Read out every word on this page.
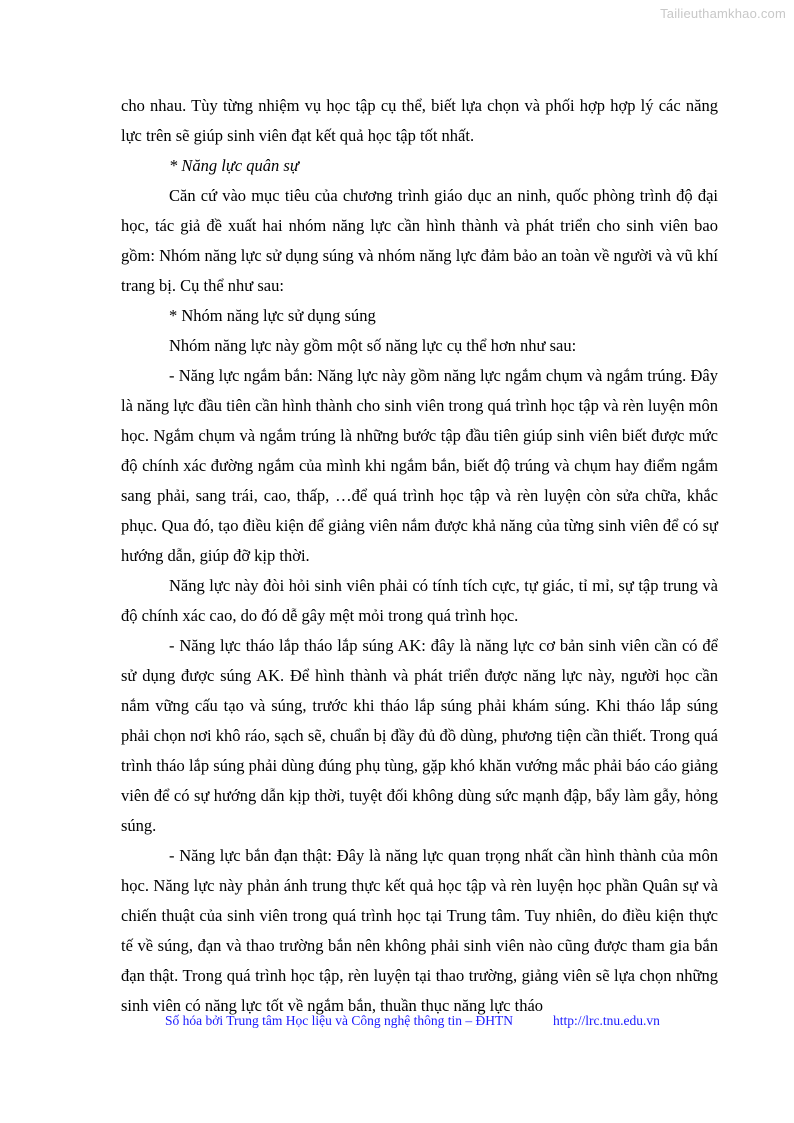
Tailieuthamkhao.com

cho nhau. Tùy từng nhiệm vụ học tập cụ thể, biết lựa chọn và phối hợp hợp lý các năng lực trên sẽ giúp sinh viên đạt kết quả học tập tốt nhất.

* Năng lực quân sự

Căn cứ vào mục tiêu của chương trình giáo dục an ninh, quốc phòng trình độ đại học, tác giả đề xuất hai nhóm năng lực cần hình thành và phát triển cho sinh viên bao gồm: Nhóm năng lực sử dụng súng và nhóm năng lực đảm bảo an toàn về người và vũ khí trang bị. Cụ thể như sau:

* Nhóm năng lực sử dụng súng

Nhóm năng lực này gồm một số năng lực cụ thể hơn như sau:

- Năng lực ngắm bắn: Năng lực này gồm năng lực ngắm chụm và ngắm trúng. Đây là năng lực đầu tiên cần hình thành cho sinh viên trong quá trình học tập và rèn luyện môn học. Ngắm chụm và ngắm trúng là những bước tập đầu tiên giúp sinh viên biết được mức độ chính xác đường ngắm của mình khi ngắm bắn, biết độ trúng và chụm hay điểm ngắm sang phải, sang trái, cao, thấp, …để quá trình học tập và rèn luyện còn sửa chữa, khắc phục. Qua đó, tạo điều kiện để giảng viên nắm được khả năng của từng sinh viên để có sự hướng dẫn, giúp đỡ kịp thời.

Năng lực này đòi hỏi sinh viên phải có tính tích cực, tự giác, tỉ mỉ, sự tập trung và độ chính xác cao, do đó dễ gây mệt mỏi trong quá trình học.

- Năng lực tháo lắp tháo lắp súng AK: đây là năng lực cơ bản sinh viên cần có để sử dụng được súng AK. Để hình thành và phát triển được năng lực này, người học cần nắm vững cấu tạo và súng, trước khi tháo lắp súng phải khám súng. Khi tháo lắp súng phải chọn nơi khô ráo, sạch sẽ, chuẩn bị đầy đủ đồ dùng, phương tiện cần thiết. Trong quá trình tháo lắp súng phải dùng đúng phụ tùng, gặp khó khăn vướng mắc phải báo cáo giảng viên để có sự hướng dẫn kịp thời, tuyệt đối không dùng sức mạnh đập, bẩy làm gẫy, hỏng súng.

- Năng lực bắn đạn thật: Đây là năng lực quan trọng nhất cần hình thành của môn học. Năng lực này phản ánh trung thực kết quả học tập và rèn luyện học phần Quân sự và chiến thuật của sinh viên trong quá trình học tại Trung tâm. Tuy nhiên, do điều kiện thực tế về súng, đạn và thao trường bắn nên không phải sinh viên nào cũng được tham gia bắn đạn thật. Trong quá trình học tập, rèn luyện tại thao trường, giảng viên sẽ lựa chọn những sinh viên có năng lực tốt về ngắm bắn, thuần thục năng lực tháo

Số hóa bởi Trung tâm Học liệu và Công nghệ thông tin – ĐHTN	http://lrc.tnu.edu.vn
